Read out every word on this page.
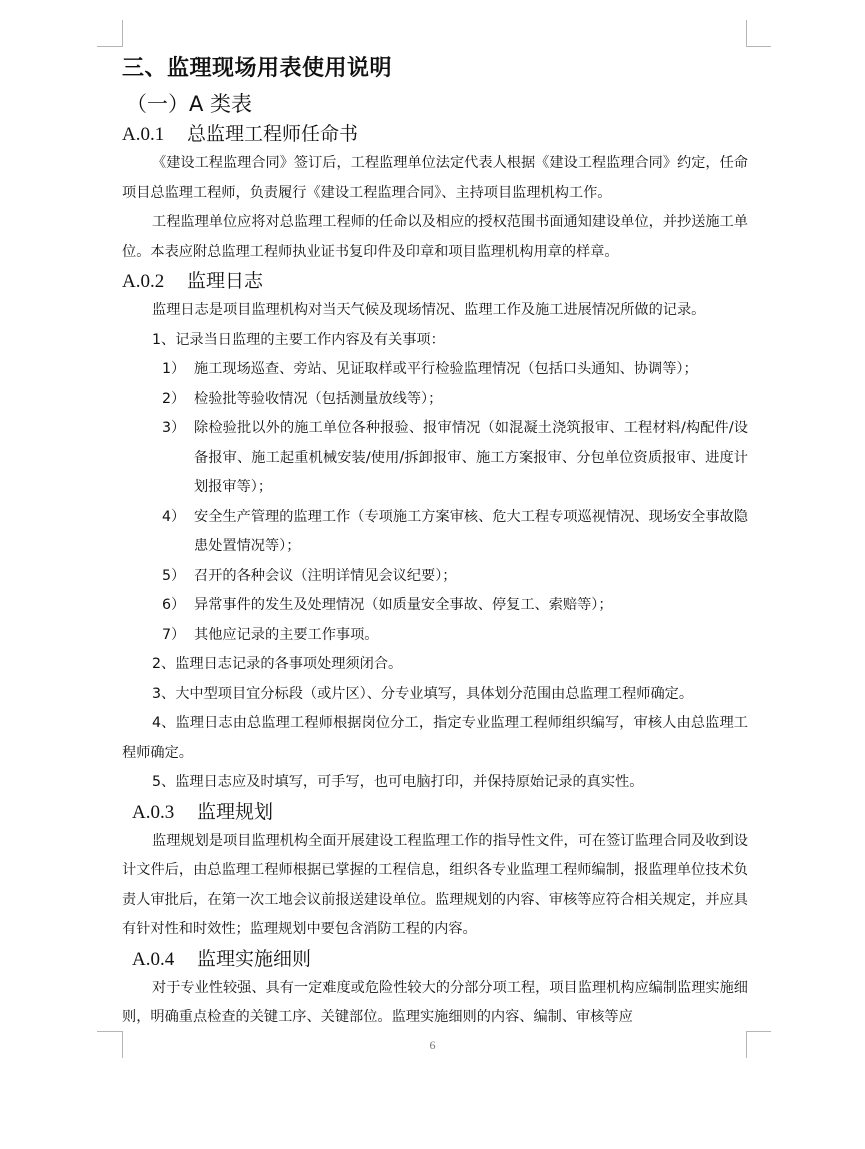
三、监理现场用表使用说明
（一）A 类表
A.0.1 总监理工程师任命书

《建设工程监理合同》签订后，工程监理单位法定代表人根据《建设工程监理合同》约定，任命项目总监理工程师，负责履行《建设工程监理合同》、主持项目监理机构工作。

工程监理单位应将对总监理工程师的任命以及相应的授权范围书面通知建设单位，并抄送施工单位。本表应附总监理工程师执业证书复印件及印章和项目监理机构用章的样章。

A.0.2 监理日志

监理日志是项目监理机构对当天气候及现场情况、监理工作及施工进展情况所做的记录。

1、记录当日监理的主要工作内容及有关事项：

1） 施工现场巡查、旁站、见证取样或平行检验监理情况（包括口头通知、协调等）；

2） 检验批等验收情况（包括测量放线等）；

3） 除检验批以外的施工单位各种报验、报审情况（如混凝土浇筑报审、工程材料/构配件/设备报审、施工起重机械安装/使用/拆卸报审、施工方案报审、分包单位资质报审、进度计划报审等）；

4） 安全生产管理的监理工作（专项施工方案审核、危大工程专项巡视情况、现场安全事故隐患处置情况等）；

5） 召开的各种会议（注明详情见会议纪要）；

6） 异常事件的发生及处理情况（如质量安全事故、停复工、索赔等）；

7） 其他应记录的主要工作事项。

2、监理日志记录的各事项处理须闭合。

3、大中型项目宜分标段（或片区）、分专业填写，具体划分范围由总监理工程师确定。

4、监理日志由总监理工程师根据岗位分工，指定专业监理工程师组织编写，审核人由总监理工程师确定。

5、监理日志应及时填写，可手写，也可电脑打印，并保持原始记录的真实性。

A.0.3 监理规划

监理规划是项目监理机构全面开展建设工程监理工作的指导性文件，可在签订监理合同及收到设计文件后，由总监理工程师根据已掌握的工程信息，组织各专业监理工程师编制，报监理单位技术负责人审批后，在第一次工地会议前报送建设单位。监理规划的内容、审核等应符合相关规定，并应具有针对性和时效性；监理规划中要包含消防工程的内容。

A.0.4 监理实施细则

对于专业性较强、具有一定难度或危险性较大的分部分项工程，项目监理机构应编制监理实施细则，明确重点检查的关键工序、关键部位。监理实施细则的内容、编制、审核等应

6
